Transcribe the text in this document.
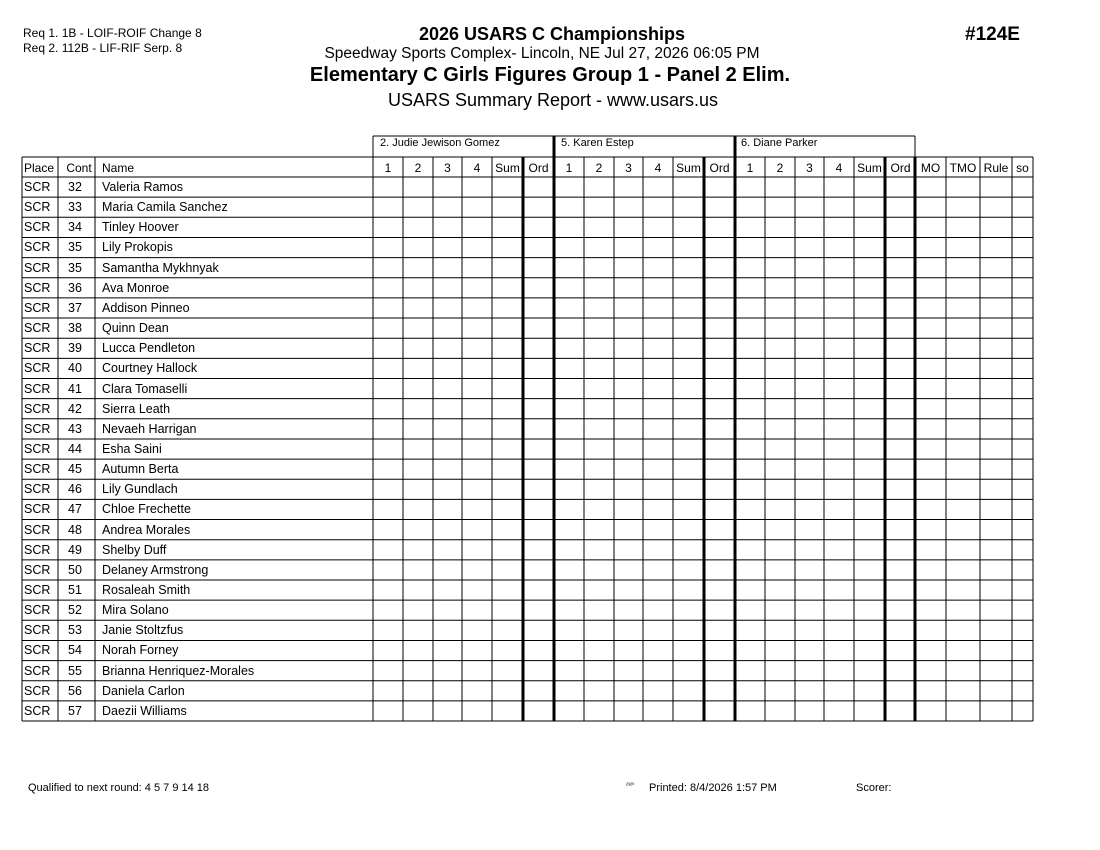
Req 1. 1B - LOIF-ROIF Change 8
Req 2. 112B - LIF-RIF Serp. 8
2026 USARS C Championships
Speedway Sports Complex- Lincoln, NE Jul 27, 2026 06:05 PM
Elementary C Girls Figures Group 1 - Panel 2 Elim.
USARS Summary Report - www.usars.us
#124E
2. Judie Jewison Gomez	5. Karen Estep	6. Diane Parker
Place Cont Name	1	2	3	4	Sum Ord	1	2	3	4	Sum Ord	1	2	3	4	Sum Ord MO TMO Rule so
SCR 32 Valeria Ramos
SCR 33 Maria Camila Sanchez
SCR 34 Tinley Hoover
SCR 35 Lily Prokopis
SCR 35 Samantha Mykhnyak
SCR 36 Ava Monroe
SCR 37 Addison Pinneo
SCR 38 Quinn Dean
SCR 39 Lucca Pendleton
SCR 40 Courtney Hallock
SCR 41 Clara Tomaselli
SCR 42 Sierra Leath
SCR 43 Nevaeh Harrigan
SCR 44 Esha Saini
SCR 45 Autumn Berta
SCR 46 Lily Gundlach
SCR 47 Chloe Frechette
SCR 48 Andrea Morales
SCR 49 Shelby Duff
SCR 50 Delaney Armstrong
SCR 51 Rosaleah Smith
SCR 52 Mira Solano
SCR 53 Janie Stoltzfus
SCR 54 Norah Forney
SCR 55 Brianna Henriquez-Morales
SCR 56 Daniela Carlon
SCR 57 Daezii Williams
Qualified to next round: 4 5 7 9 14 18	²³²⁰ Printed: 8/4/2026 1:57 PM	Scorer:
